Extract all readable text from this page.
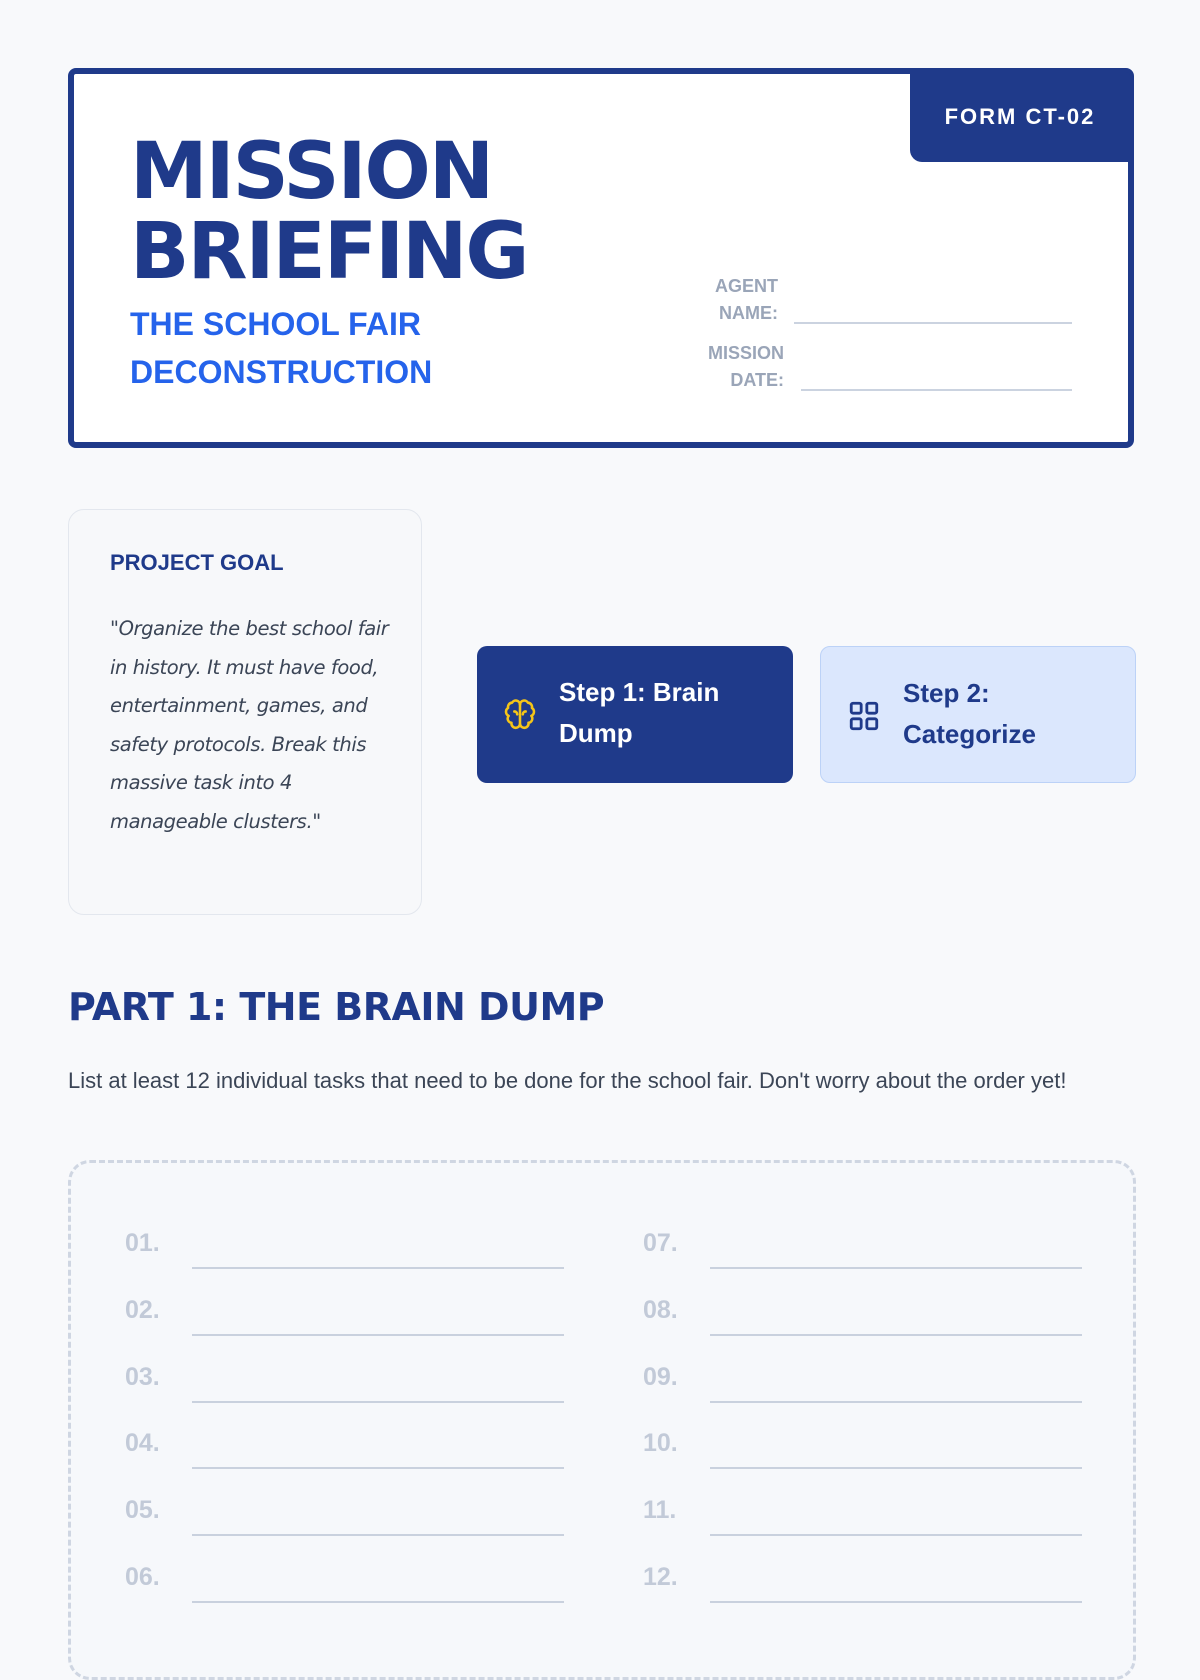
FORM CT-02
MISSION
BRIEFING
THE SCHOOL FAIR
DECONSTRUCTION
AGENT
NAME:
MISSION
DATE:
PROJECT GOAL
"Organize the best school fair in history. It must have food, entertainment, games, and safety protocols. Break this massive task into 4 manageable clusters."
Step 1: Brain Dump
Step 2: Categorize
PART 1: THE BRAIN DUMP
List at least 12 individual tasks that need to be done for the school fair. Don't worry about the order yet!
01.
02.
03.
04.
05.
06.
07.
08.
09.
10.
11.
12.
